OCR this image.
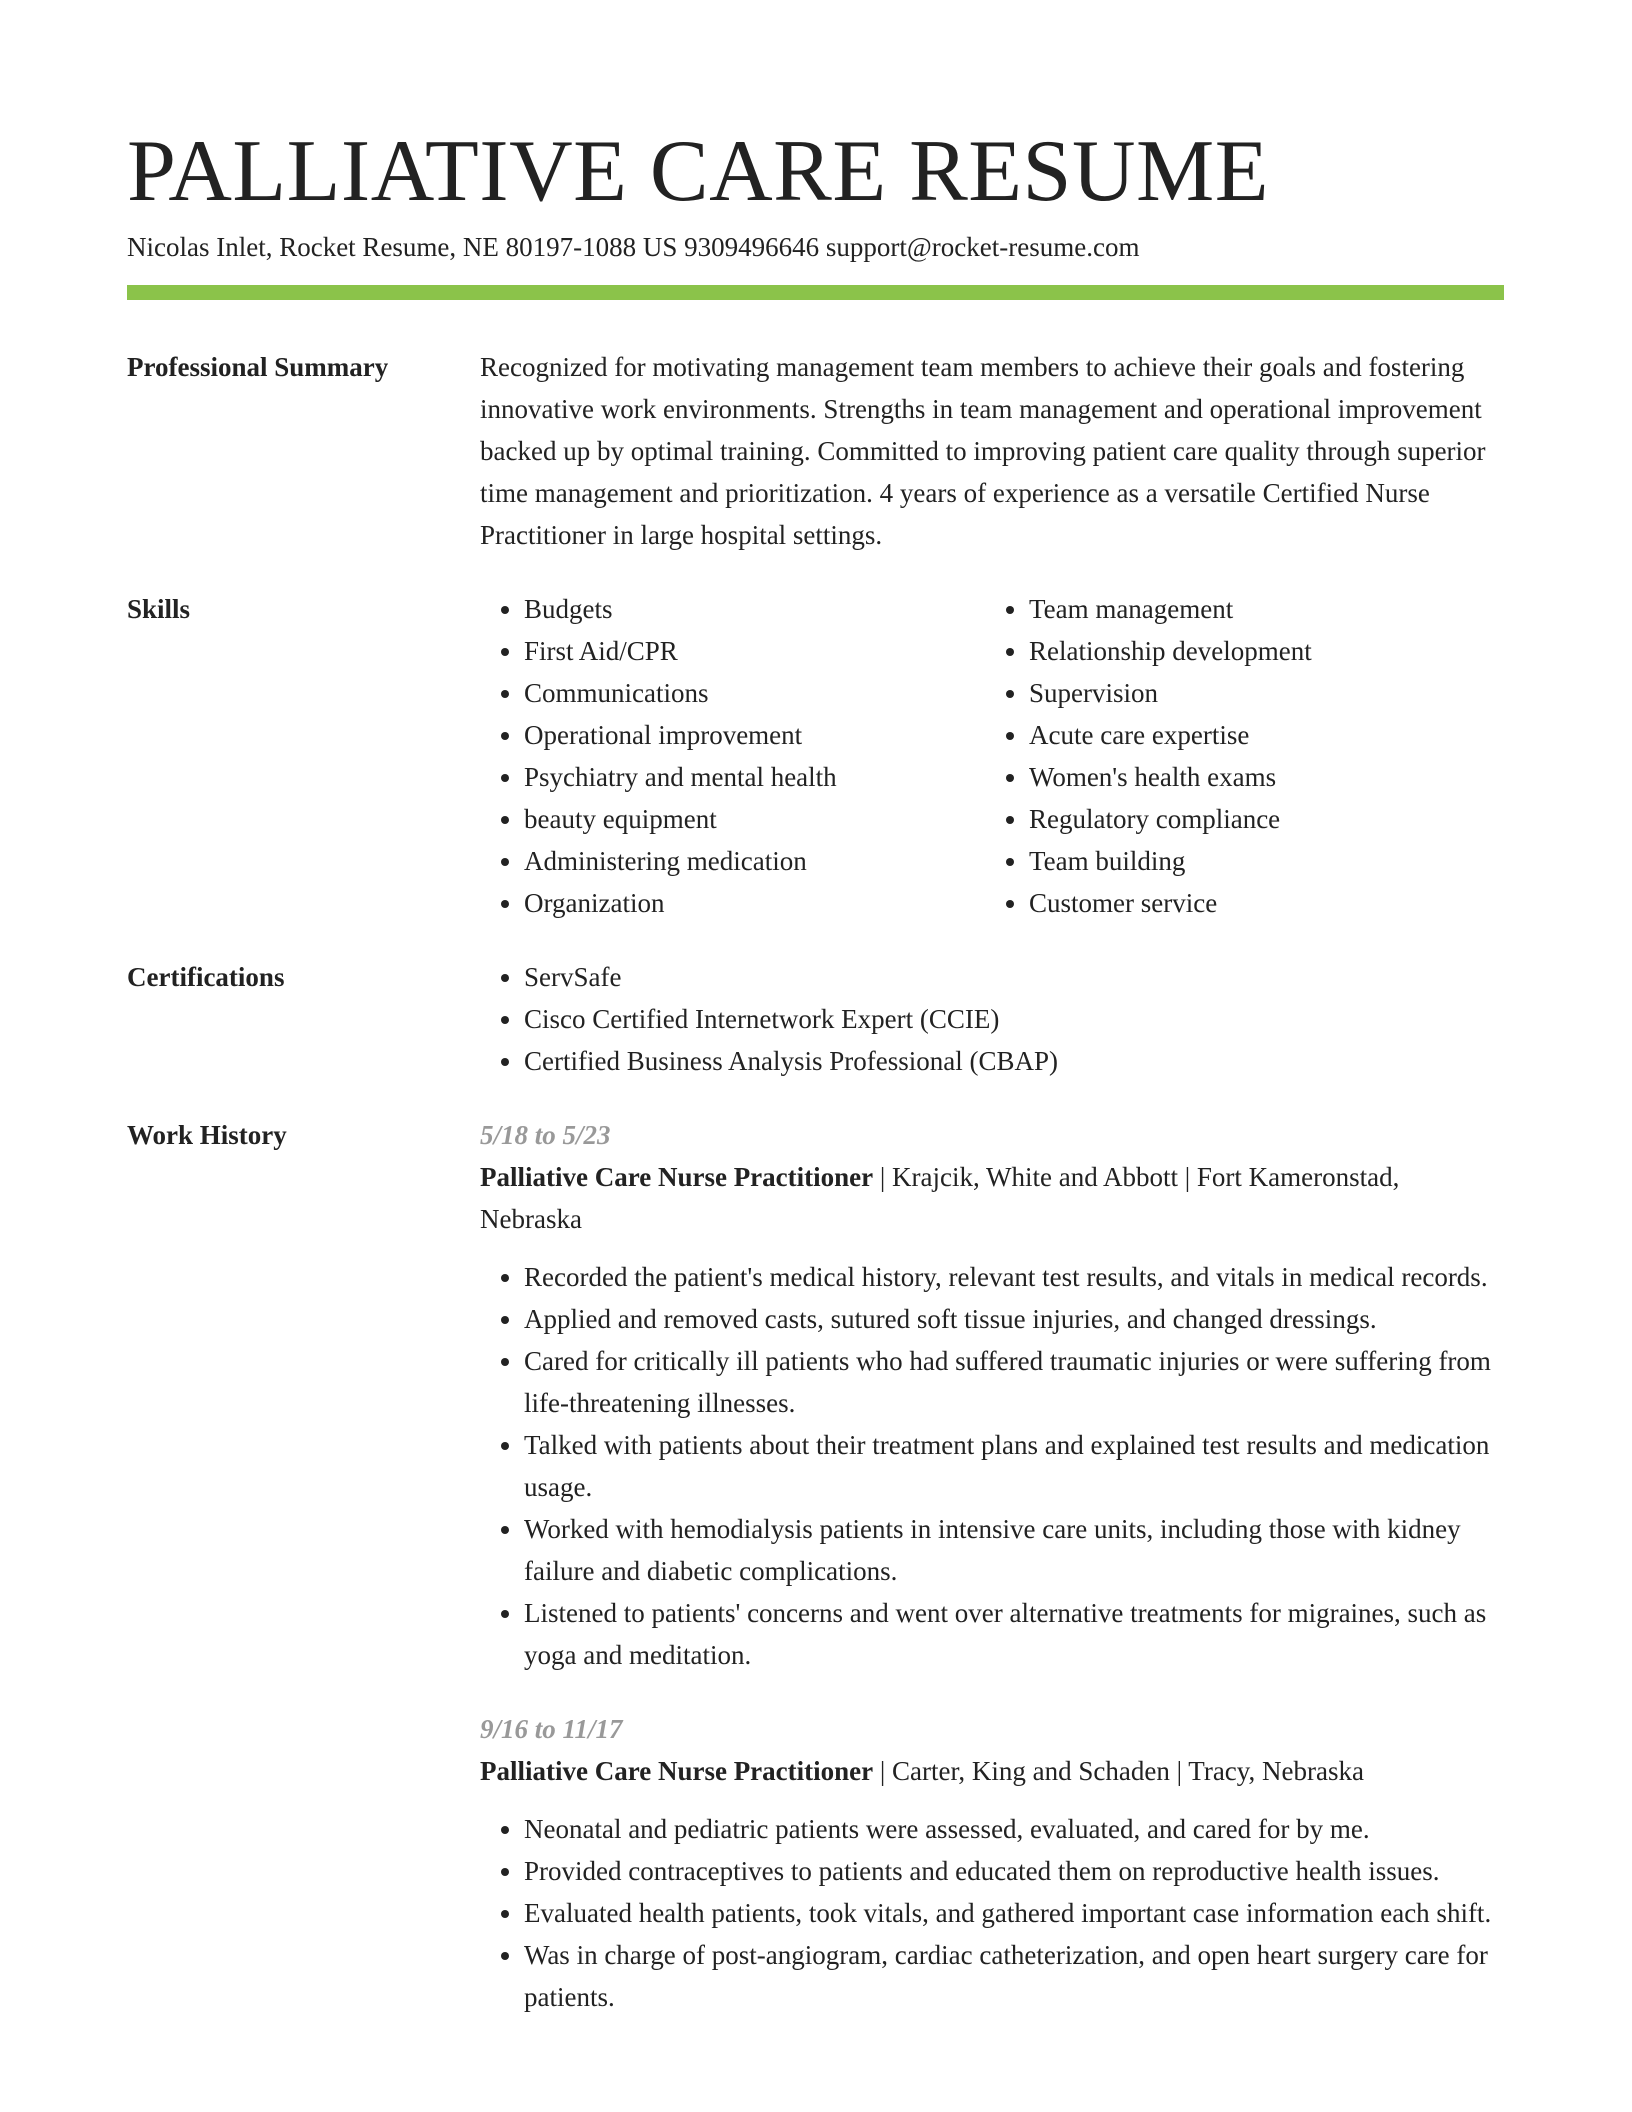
PALLIATIVE CARE RESUME
Nicolas Inlet, Rocket Resume, NE 80197-1088 US 9309496646 support@rocket-resume.com
Professional Summary	Recognized for motivating management team members to achieve their goals and fostering innovative work environments. Strengths in team management and operational improvement backed up by optimal training. Committed to improving patient care quality through superior time management and prioritization. 4 years of experience as a versatile Certified Nurse Practitioner in large hospital settings.
Skills	• Budgets
• First Aid/CPR
• Communications
• Operational improvement
• Psychiatry and mental health
• beauty equipment
• Administering medication
• Organization
• Team management
• Relationship development
• Supervision
• Acute care expertise
• Women's health exams
• Regulatory compliance
• Team building
• Customer service
Certifications	• ServSafe
• Cisco Certified Internetwork Expert (CCIE)
• Certified Business Analysis Professional (CBAP)
Work History	5/18 to 5/23
Palliative Care Nurse Practitioner | Krajcik, White and Abbott | Fort Kameronstad, Nebraska
• Recorded the patient's medical history, relevant test results, and vitals in medical records.
• Applied and removed casts, sutured soft tissue injuries, and changed dressings.
• Cared for critically ill patients who had suffered traumatic injuries or were suffering from life-threatening illnesses.
• Talked with patients about their treatment plans and explained test results and medication usage.
• Worked with hemodialysis patients in intensive care units, including those with kidney failure and diabetic complications.
• Listened to patients' concerns and went over alternative treatments for migraines, such as yoga and meditation.
9/16 to 11/17
Palliative Care Nurse Practitioner | Carter, King and Schaden | Tracy, Nebraska
• Neonatal and pediatric patients were assessed, evaluated, and cared for by me.
• Provided contraceptives to patients and educated them on reproductive health issues.
• Evaluated health patients, took vitals, and gathered important case information each shift.
• Was in charge of post-angiogram, cardiac catheterization, and open heart surgery care for patients.
